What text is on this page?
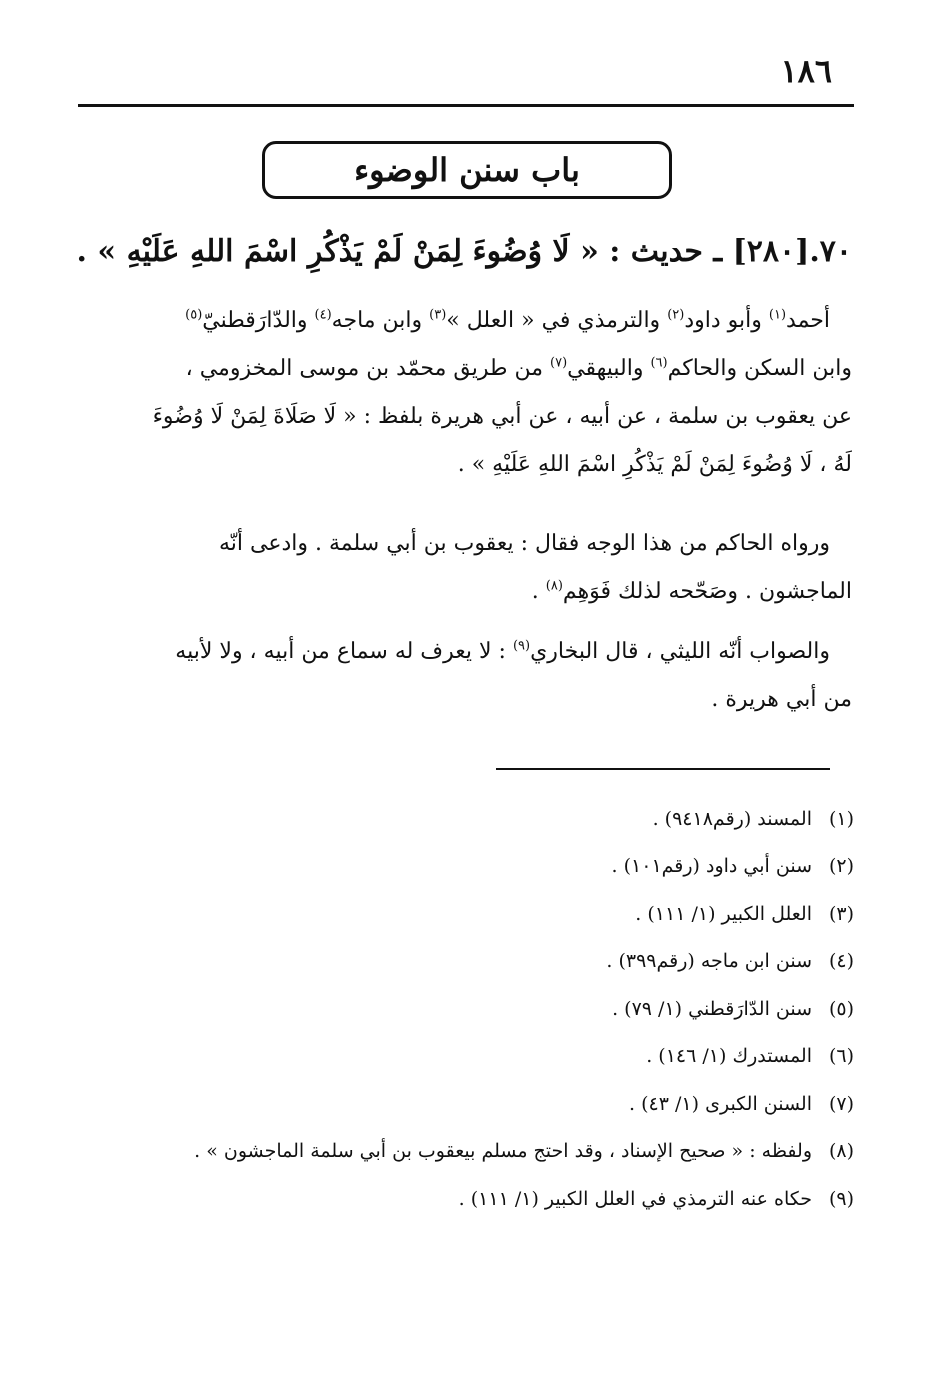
١٨٦
باب سنن الوضوء
٧٠.[٢٨٠] ـ حديث : « لَا وُضُوءَ لِمَنْ لَمْ يَذْكُرِ اسْمَ اللهِ عَلَيْهِ » .
أحمد$^{(١)}$ وأبو داود$^{(٢)}$ والترمذي في « العلل »$^{(٣)}$ وابن ماجه$^{(٤)}$ والدّارَقطنيّ$^{(٥)}$
وابن السكن والحاكم$^{(٦)}$ والبيهقي$^{(٧)}$ من طريق محمّد بن موسى المخزومي ،
عن يعقوب بن سلمة ، عن أبيه ، عن أبي هريرة بلفظ : « لَا صَلَاةَ لِمَنْ لَا وُضُوءَ
لَهُ ، لَا وُضُوءَ لِمَنْ لَمْ يَذْكُرِ اسْمَ اللهِ عَلَيْهِ » .
ورواه الحاكم من هذا الوجه فقال : يعقوب بن أبي سلمة . وادعى أنّه
الماجشون . وصَحّحه لذلك فَوَهِم$^{(٨)}$ .
والصواب أنّه الليثي ، قال البخاري$^{(٩)}$ : لا يعرف له سماع من أبيه ، ولا لأبيه
من أبي هريرة .
(١)
المسند (رقم٩٤١٨) .
(٢)
سنن أبي داود (رقم١٠١) .
(٣)
العلل الكبير (١/ ١١١) .
(٤)
سنن ابن ماجه (رقم٣٩٩) .
(٥)
سنن الدّارَقطني (١/ ٧٩) .
(٦)
المستدرك (١/ ١٤٦) .
(٧)
السنن الكبرى (١/ ٤٣) .
(٨)
ولفظه : « صحيح الإسناد ، وقد احتج مسلم بيعقوب بن أبي سلمة الماجشون » .
(٩)
حكاه عنه الترمذي في العلل الكبير (١/ ١١١) .
